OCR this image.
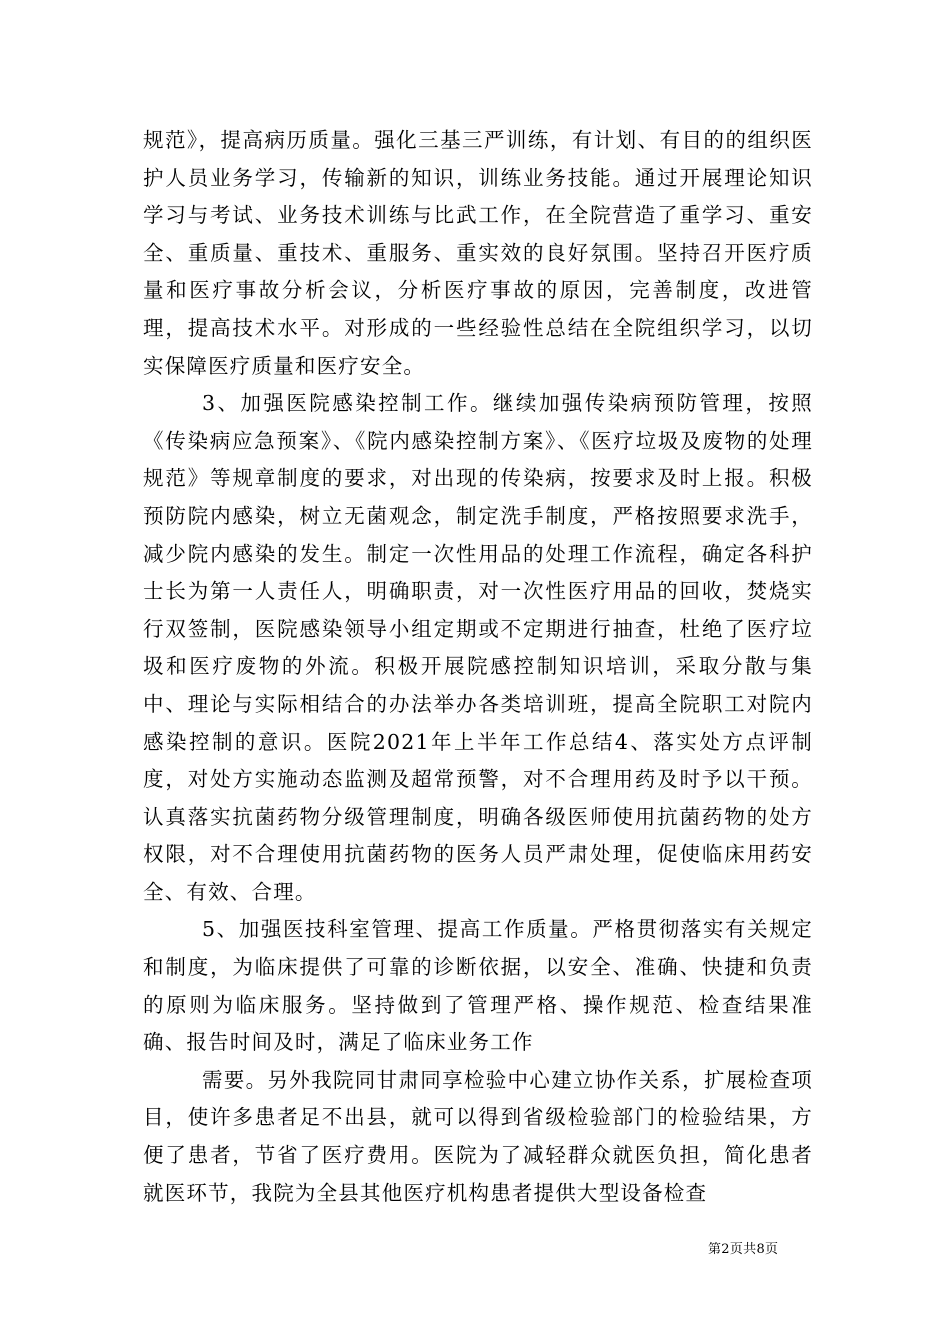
规范》，提高病历质量。强化三基三严训练，有计划、有目的的组织医护人员业务学习，传输新的知识，训练业务技能。通过开展理论知识学习与考试、业务技术训练与比武工作，在全院营造了重学习、重安全、重质量、重技术、重服务、重实效的良好氛围。坚持召开医疗质量和医疗事故分析会议，分析医疗事故的原因，完善制度，改进管理，提高技术水平。对形成的一些经验性总结在全院组织学习，以切实保障医疗质量和医疗安全。

3、加强医院感染控制工作。继续加强传染病预防管理，按照《传染病应急预案》、《院内感染控制方案》、《医疗垃圾及废物的处理规范》等规章制度的要求，对出现的传染病，按要求及时上报。积极预防院内感染，树立无菌观念，制定洗手制度，严格按照要求洗手，减少院内感染的发生。制定一次性用品的处理工作流程，确定各科护士长为第一人责任人，明确职责，对一次性医疗用品的回收，焚烧实行双签制，医院感染领导小组定期或不定期进行抽查，杜绝了医疗垃圾和医疗废物的外流。积极开展院感控制知识培训，采取分散与集中、理论与实际相结合的办法举办各类培训班，提高全院职工对院内感染控制的意识。医院2021年上半年工作总结4、落实处方点评制度，对处方实施动态监测及超常预警，对不合理用药及时予以干预。认真落实抗菌药物分级管理制度，明确各级医师使用抗菌药物的处方权限，对不合理使用抗菌药物的医务人员严肃处理，促使临床用药安全、有效、合理。

5、加强医技科室管理、提高工作质量。严格贯彻落实有关规定和制度，为临床提供了可靠的诊断依据，以安全、准确、快捷和负责的原则为临床服务。坚持做到了管理严格、操作规范、检查结果准确、报告时间及时，满足了临床业务工作

需要。另外我院同甘肃同享检验中心建立协作关系，扩展检查项目，使许多患者足不出县，就可以得到省级检验部门的检验结果，方便了患者，节省了医疗费用。医院为了减轻群众就医负担，简化患者就医环节，我院为全县其他医疗机构患者提供大型设备检查

第2页共8页
